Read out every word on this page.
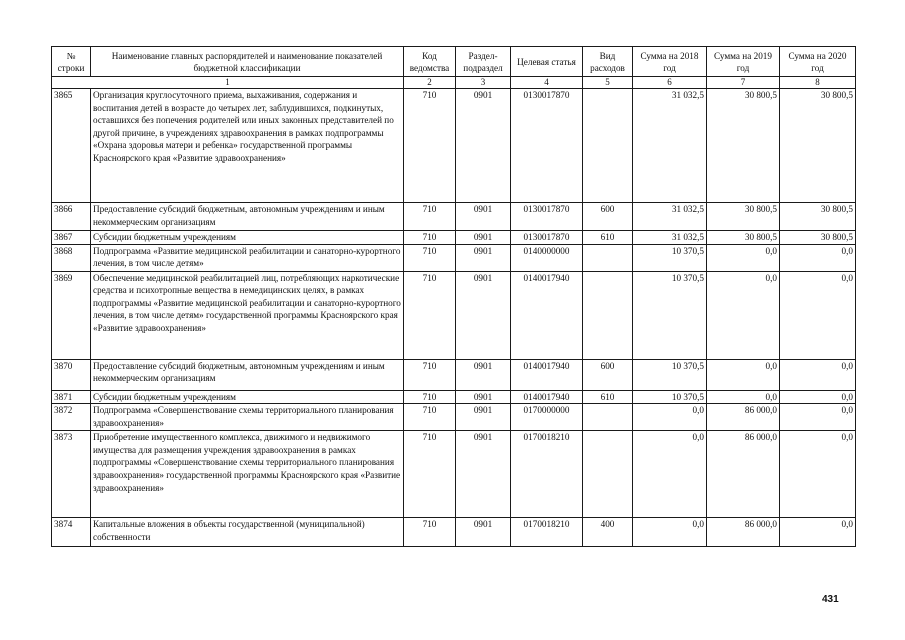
№ строки	Наименование главных распорядителей и наименование показателей бюджетной классификации	Код ведомства	Раздел-подраздел	Целевая статья	Вид расходов	Сумма на 2018 год	Сумма на 2019 год	Сумма на 2020 год
1		2	3	4	5	6	7	8
3865	Организация круглосуточного приема, выхаживания, содержания и воспитания детей в возрасте до четырех лет, заблудившихся, подкинутых, оставшихся без попечения родителей или иных законных представителей по другой причине, в учреждениях здравоохранения в рамках подпрограммы «Охрана здоровья матери и ребенка» государственной программы Красноярского края «Развитие здравоохранения»	710	0901	0130017870		31 032,5	30 800,5	30 800,5
3866	Предоставление субсидий бюджетным, автономным учреждениям и иным некоммерческим организациям	710	0901	0130017870	600	31 032,5	30 800,5	30 800,5
3867	Субсидии бюджетным учреждениям	710	0901	0130017870	610	31 032,5	30 800,5	30 800,5
3868	Подпрограмма «Развитие медицинской реабилитации и санаторно-курортного лечения, в том числе детям»	710	0901	0140000000		10 370,5	0,0	0,0
3869	Обеспечение медицинской реабилитацией лиц, потребляющих наркотические средства и психотропные вещества в немедицинских целях, в рамках подпрограммы «Развитие медицинской реабилитации и санаторно-курортного лечения, в том числе детям» государственной программы Красноярского края «Развитие здравоохранения»	710	0901	0140017940		10 370,5	0,0	0,0
3870	Предоставление субсидий бюджетным, автономным учреждениям и иным некоммерческим организациям	710	0901	0140017940	600	10 370,5	0,0	0,0
3871	Субсидии бюджетным учреждениям	710	0901	0140017940	610	10 370,5	0,0	0,0
3872	Подпрограмма «Совершенствование схемы территориального планирования здравоохранения»	710	0901	0170000000		0,0	86 000,0	0,0
3873	Приобретение имущественного комплекса, движимого и недвижимого имущества для размещения учреждения здравоохранения в рамках подпрограммы «Совершенствование схемы территориального планирования здравоохранения» государственной программы Красноярского края «Развитие здравоохранения»	710	0901	0170018210		0,0	86 000,0	0,0
3874	Капитальные вложения в объекты государственной (муниципальной) собственности	710	0901	0170018210	400	0,0	86 000,0	0,0
431
